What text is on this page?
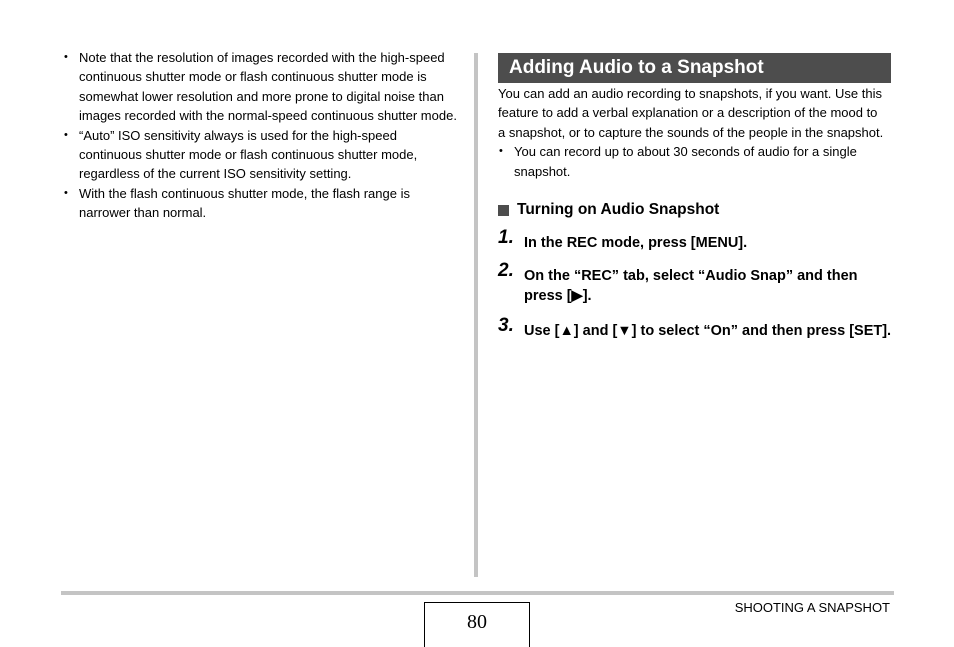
• Note that the resolution of images recorded with the high-speed continuous shutter mode or flash continuous shutter mode is somewhat lower resolution and more prone to digital noise than images recorded with the normal-speed continuous shutter mode.
• “Auto” ISO sensitivity always is used for the high-speed continuous shutter mode or flash continuous shutter mode, regardless of the current ISO sensitivity setting.
• With the flash continuous shutter mode, the flash range is narrower than normal.
Adding Audio to a Snapshot

You can add an audio recording to snapshots, if you want. Use this feature to add a verbal explanation or a description of the mood to a snapshot, or to capture the sounds of the people in the snapshot.

• You can record up to about 30 seconds of audio for a single snapshot.
Turning on Audio Snapshot
1. In the REC mode, press [MENU].
2. On the “REC” tab, select “Audio Snap” and then press [▶].
3. Use [▲] and [▼] to select “On” and then press [SET].
80
SHOOTING A SNAPSHOT
